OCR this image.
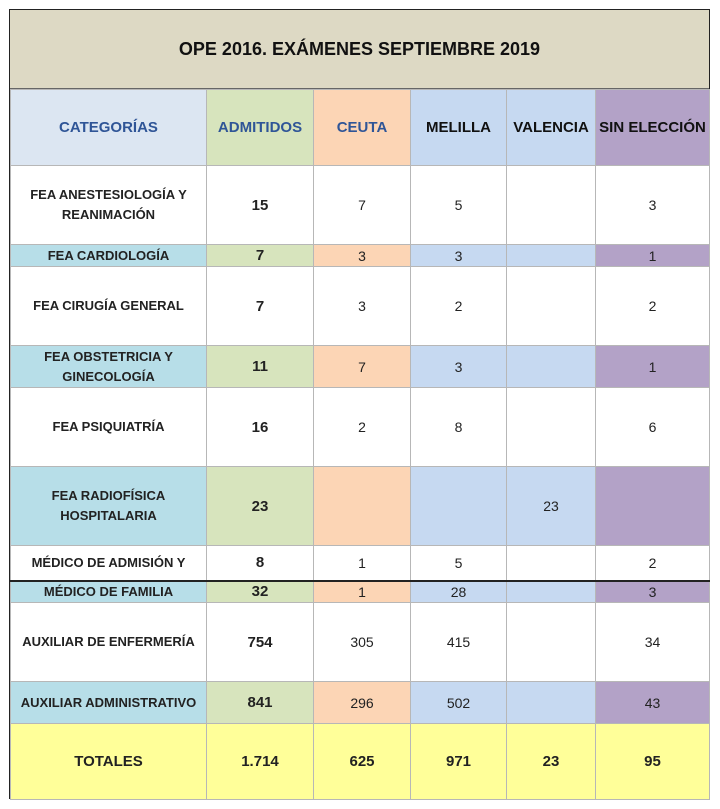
OPE 2016. EXÁMENES SEPTIEMBRE 2019
CATEGORÍAS	ADMITIDOS	CEUTA	MELILLA	VALENCIA	SIN ELECCIÓN
FEA ANESTESIOLOGÍA Y REANIMACIÓN	15	7	5		3
FEA CARDIOLOGÍA	7	3	3		1
FEA CIRUGÍA GENERAL	7	3	2		2
FEA OBSTETRICIA Y GINECOLOGÍA	11	7	3		1
FEA PSIQUIATRÍA	16	2	8		6
FEA RADIOFÍSICA HOSPITALARIA	23			23	
MÉDICO DE ADMISIÓN Y	8	1	5		2
MÉDICO DE FAMILIA	32	1	28		3
AUXILIAR DE ENFERMERÍA	754	305	415		34
AUXILIAR ADMINISTRATIVO	841	296	502		43
TOTALES	1.714	625	971	23	95
